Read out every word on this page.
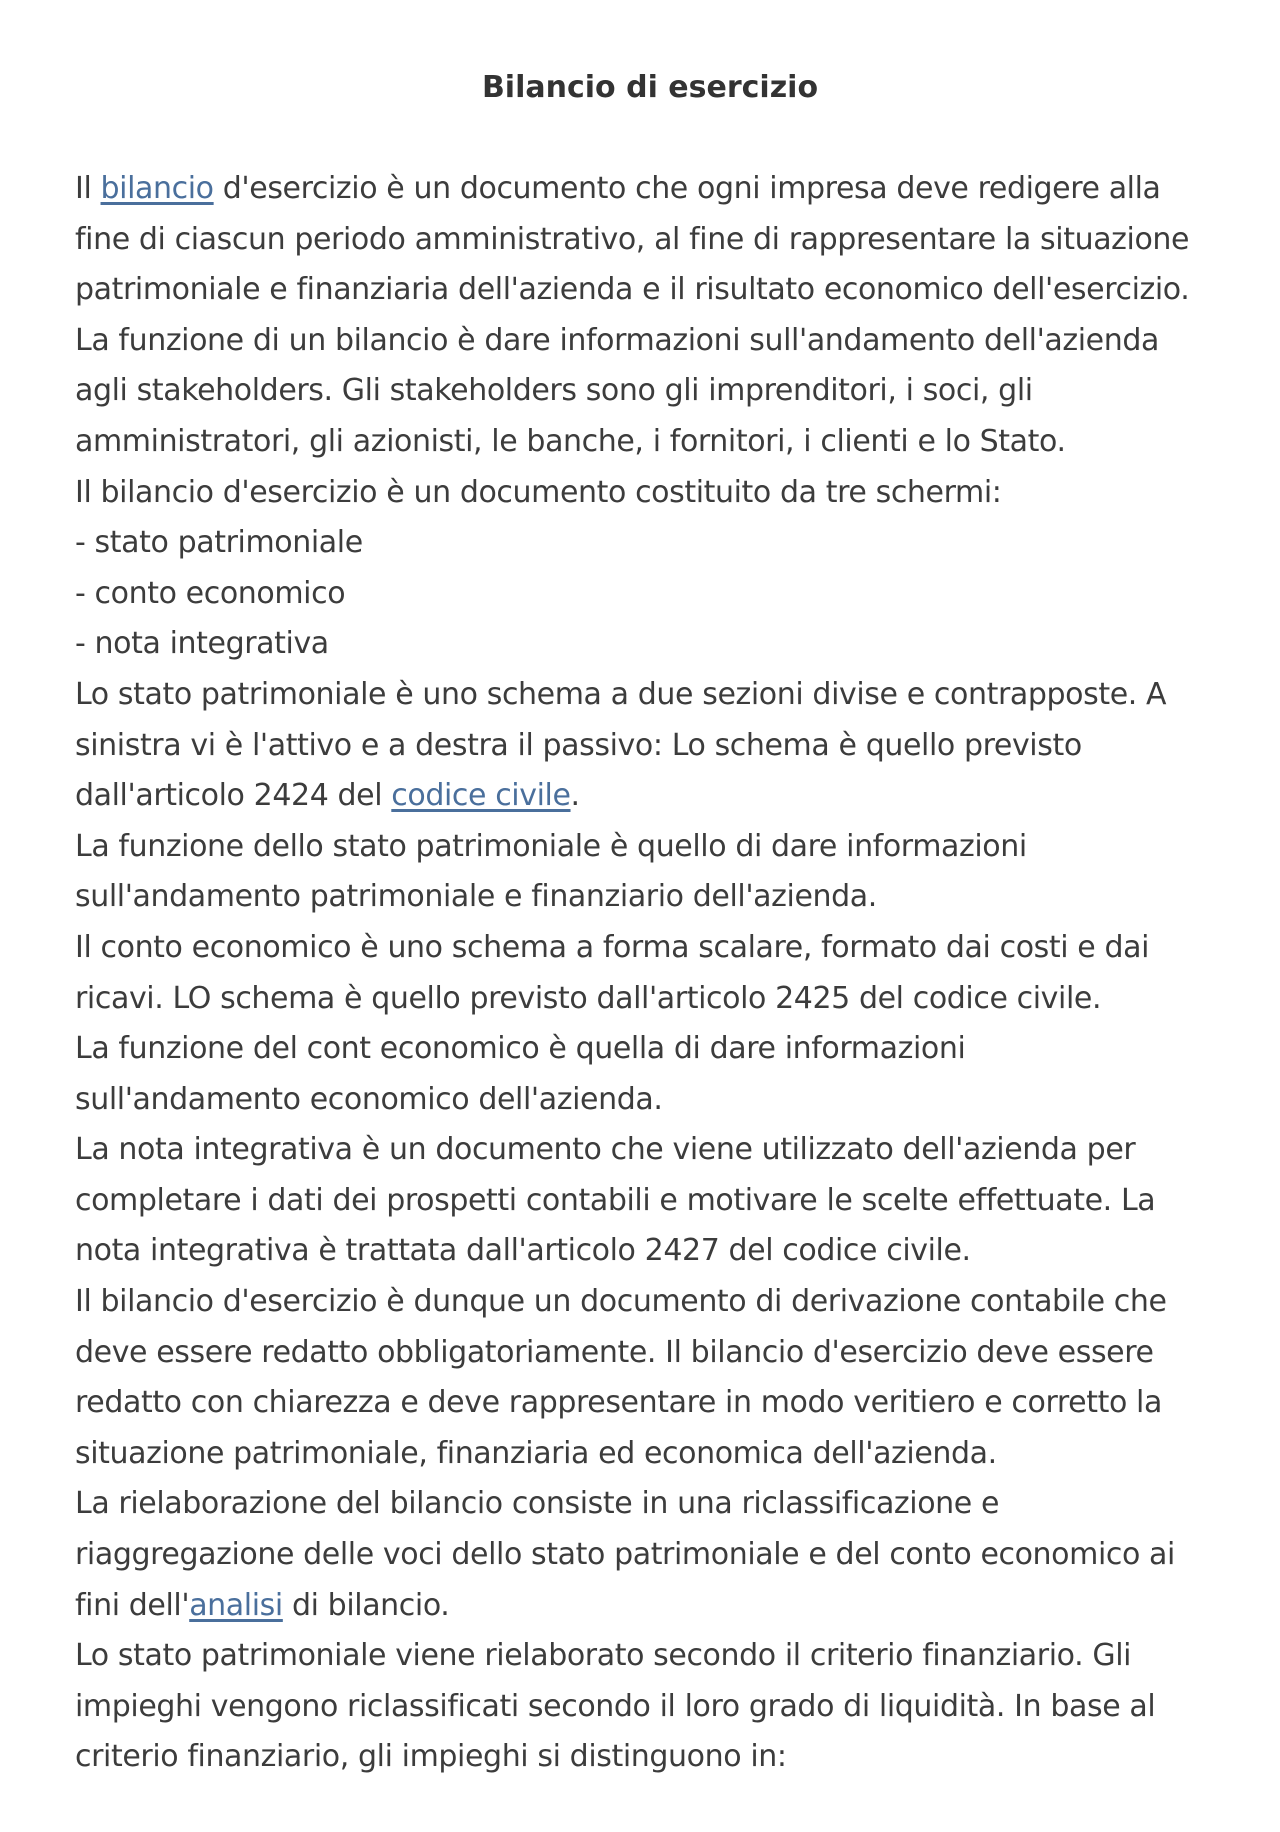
Bilancio di esercizio
Il bilancio d'esercizio è un documento che ogni impresa deve redigere alla
fine di ciascun periodo amministrativo, al fine di rappresentare la situazione
patrimoniale e finanziaria dell'azienda e il risultato economico dell'esercizio.
La funzione di un bilancio è dare informazioni sull'andamento dell'azienda
agli stakeholders. Gli stakeholders sono gli imprenditori, i soci, gli
amministratori, gli azionisti, le banche, i fornitori, i clienti e lo Stato.
Il bilancio d'esercizio è un documento costituito da tre schermi:
- stato patrimoniale
- conto economico
- nota integrativa
Lo stato patrimoniale è uno schema a due sezioni divise e contrapposte. A
sinistra vi è l'attivo e a destra il passivo: Lo schema è quello previsto
dall'articolo 2424 del codice civile.
La funzione dello stato patrimoniale è quello di dare informazioni
sull'andamento patrimoniale e finanziario dell'azienda.
Il conto economico è uno schema a forma scalare, formato dai costi e dai
ricavi. LO schema è quello previsto dall'articolo 2425 del codice civile.
La funzione del cont economico è quella di dare informazioni
sull'andamento economico dell'azienda.
La nota integrativa è un documento che viene utilizzato dell'azienda per
completare i dati dei prospetti contabili e motivare le scelte effettuate. La
nota integrativa è trattata dall'articolo 2427 del codice civile.
Il bilancio d'esercizio è dunque un documento di derivazione contabile che
deve essere redatto obbligatoriamente. Il bilancio d'esercizio deve essere
redatto con chiarezza e deve rappresentare in modo veritiero e corretto la
situazione patrimoniale, finanziaria ed economica dell'azienda.
La rielaborazione del bilancio consiste in una riclassificazione e
riaggregazione delle voci dello stato patrimoniale e del conto economico ai
fini dell'analisi di bilancio.
Lo stato patrimoniale viene rielaborato secondo il criterio finanziario. Gli
impieghi vengono riclassificati secondo il loro grado di liquidità. In base al
criterio finanziario, gli impieghi si distinguono in:
